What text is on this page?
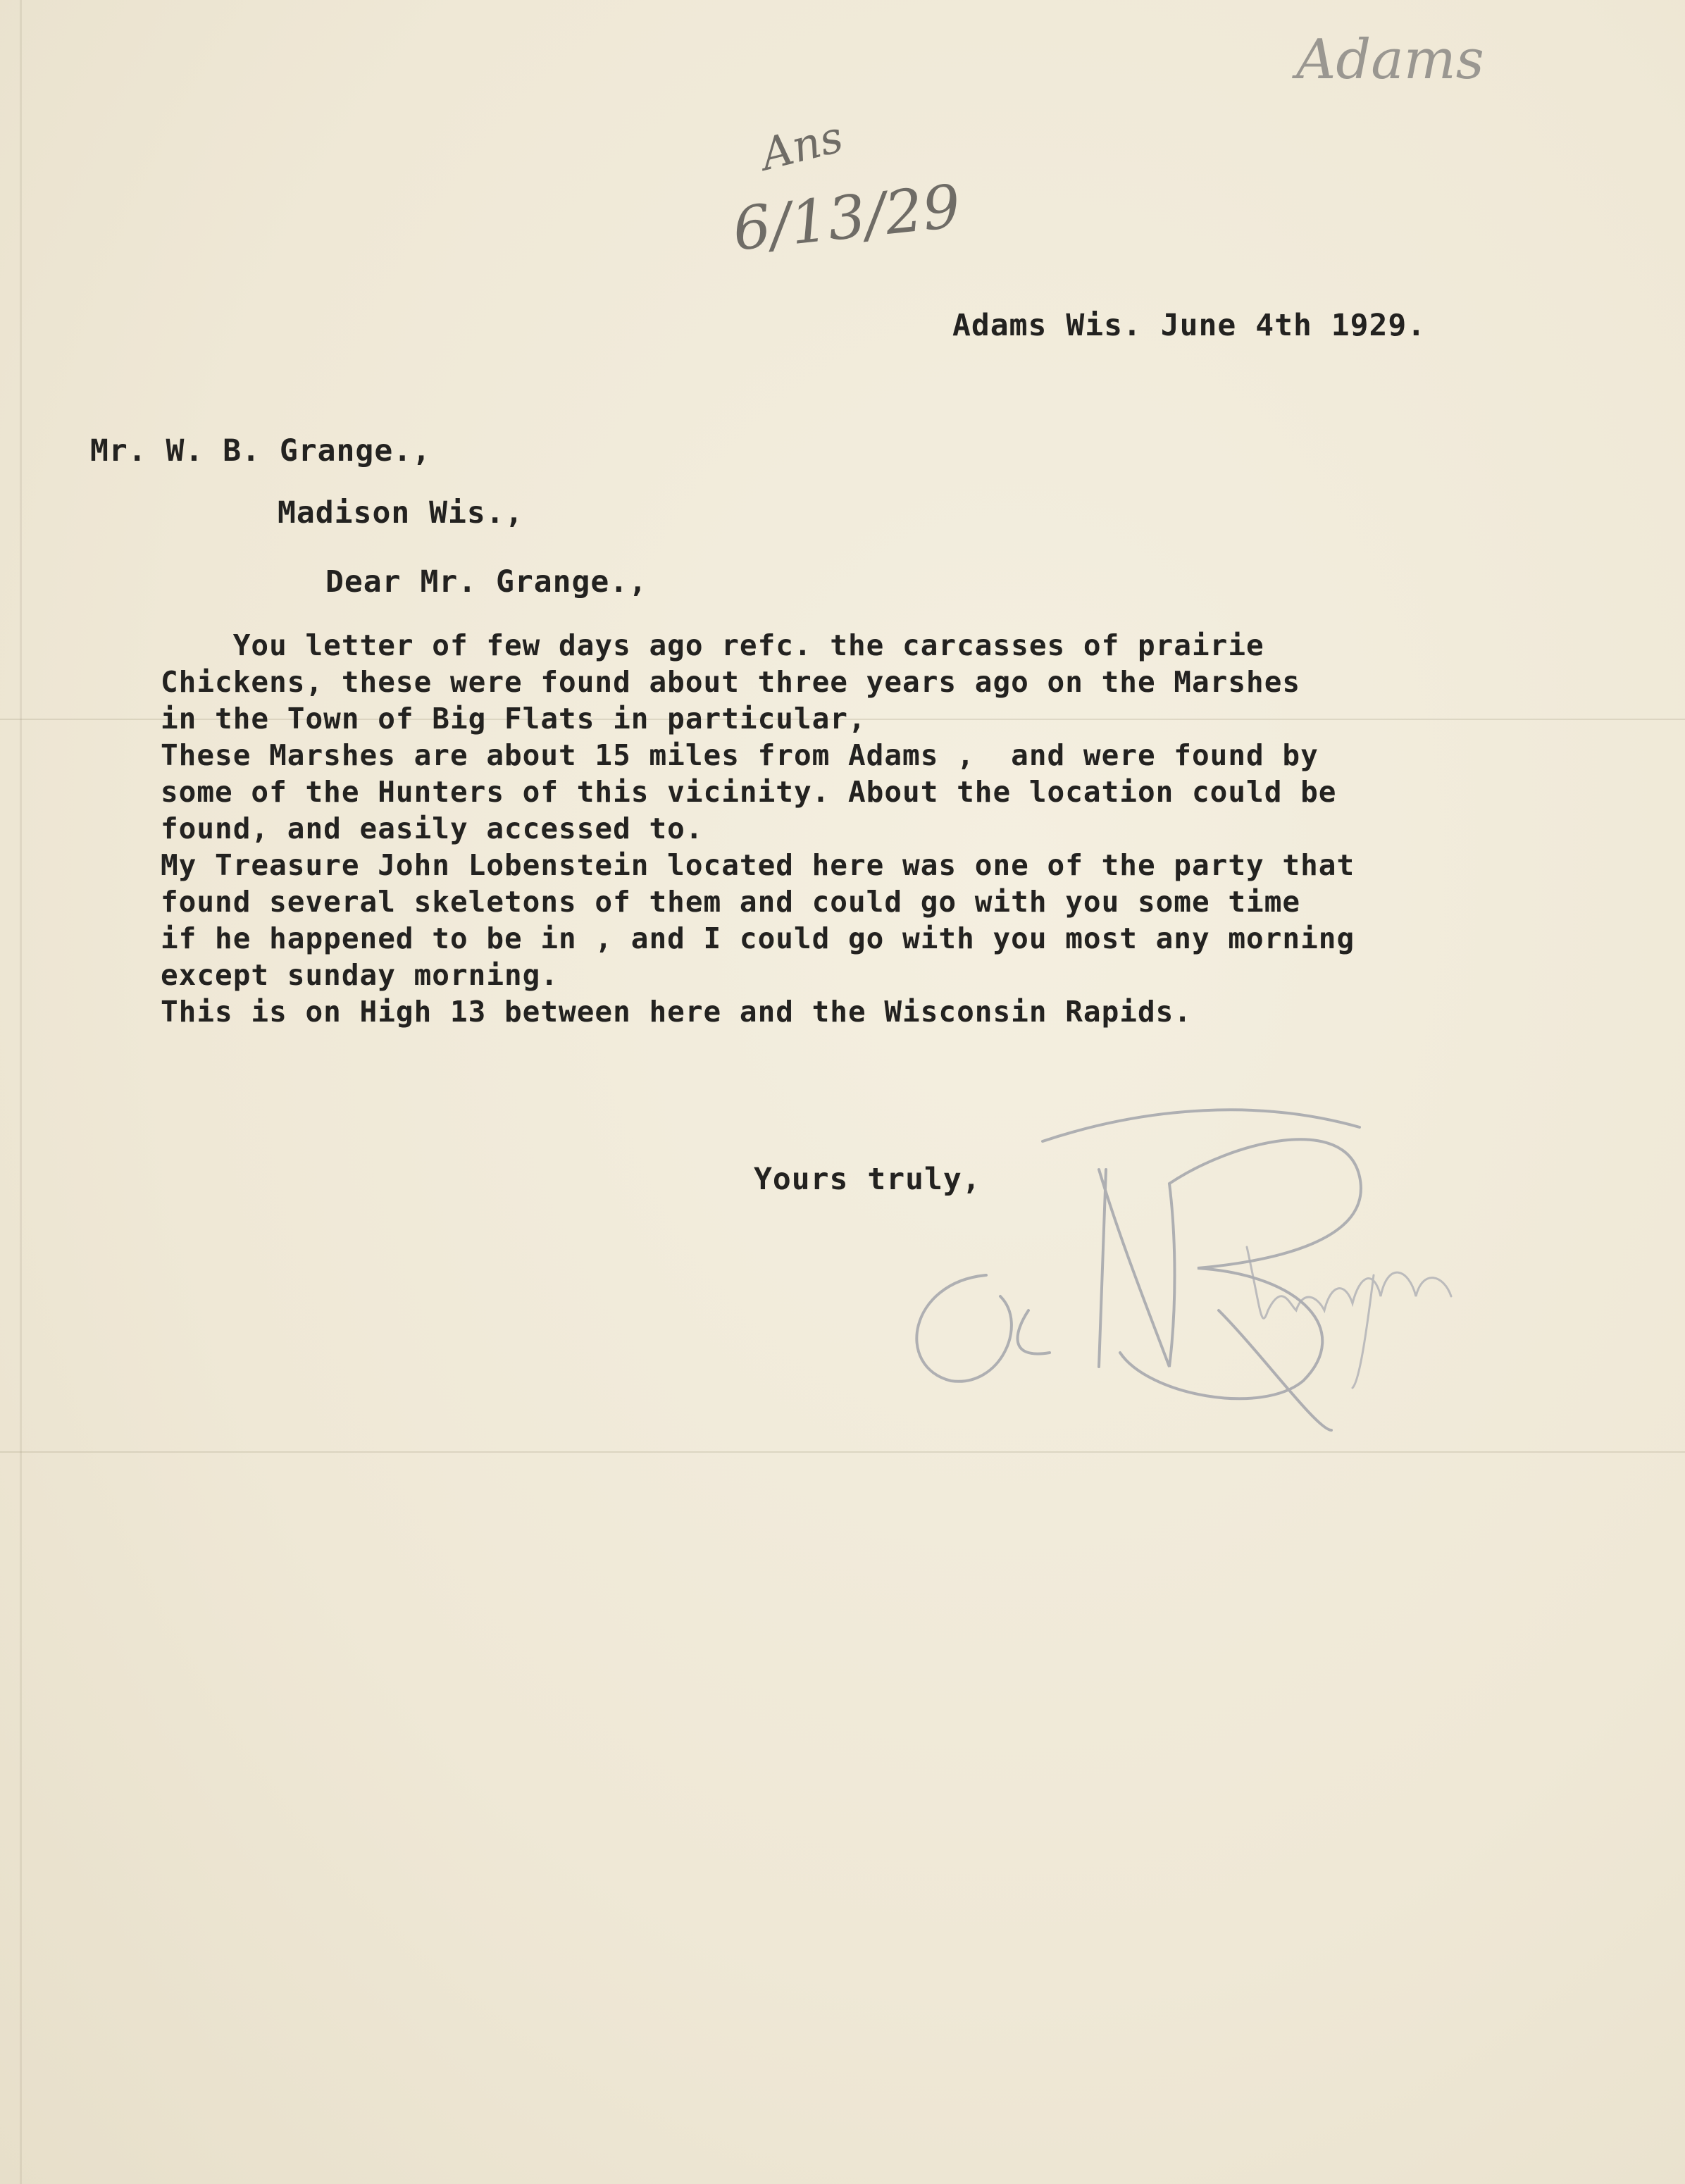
Adams
Ans
6/13/29
Adams Wis. June 4th 1929.
Mr. W. B. Grange.,
Madison Wis.,
Dear Mr. Grange.,
You letter of few days ago refc. the carcasses of prairie
Chickens, these were found about three years ago on the Marshes
in the Town of Big Flats in particular,
These Marshes are about 15 miles from Adams ,  and were found by
some of the Hunters of this vicinity. About the location could be
found, and easily accessed to.
My Treasure John Lobenstein located here was one of the party that
found several skeletons of them and could go with you some time
if he happened to be in , and I could go with you most any morning
except sunday morning.
This is on High 13 between here and the Wisconsin Rapids.
Yours truly,
